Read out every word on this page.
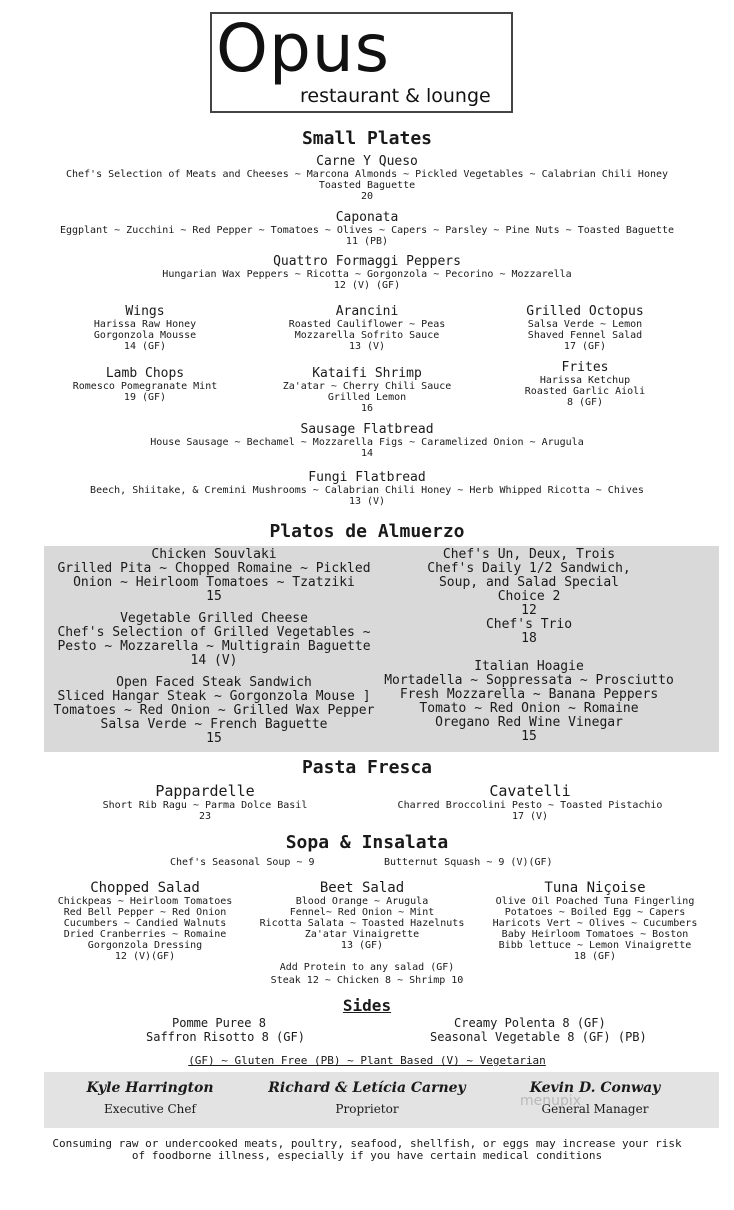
Opus
restaurant & lounge
Small Plates
Carne Y Queso
Chef's Selection of Meats and Cheeses ~ Marcona Almonds ~ Pickled Vegetables ~ Calabrian Chili Honey
Toasted Baguette
20
Caponata
Eggplant ~ Zucchini ~ Red Pepper ~ Tomatoes ~ Olives ~ Capers ~ Parsley ~ Pine Nuts ~ Toasted Baguette
11 (PB)
Quattro Formaggi Peppers
Hungarian Wax Peppers ~ Ricotta ~ Gorgonzola ~ Pecorino ~ Mozzarella
12 (V) (GF)
Wings
Harissa Raw Honey
Gorgonzola Mousse
14 (GF)
Arancini
Roasted Cauliflower ~ Peas
Mozzarella Sofrito Sauce
13 (V)
Grilled Octopus
Salsa Verde ~ Lemon
Shaved Fennel Salad
17 (GF)
Lamb Chops
Romesco Pomegranate Mint
19 (GF)
Kataifi Shrimp
Za'atar ~ Cherry Chili Sauce
Grilled Lemon
16
Frites
Harissa Ketchup
Roasted Garlic Aioli
8 (GF)
Sausage Flatbread
House Sausage ~ Bechamel ~ Mozzarella Figs ~ Caramelized Onion ~ Arugula
14
Fungi Flatbread
Beech, Shiitake, & Cremini Mushrooms ~ Calabrian Chili Honey ~ Herb Whipped Ricotta ~ Chives
13 (V)
Platos de Almuerzo
Chicken Souvlaki
Grilled Pita ~ Chopped Romaine ~ Pickled
Onion ~ Heirloom Tomatoes ~ Tzatziki
15
Vegetable Grilled Cheese
Chef's Selection of Grilled Vegetables ~
Pesto ~ Mozzarella ~ Multigrain Baguette
14 (V)
Open Faced Steak Sandwich
Sliced Hangar Steak ~ Gorgonzola Mouse ]
Tomatoes ~ Red Onion ~ Grilled Wax Pepper
Salsa Verde ~ French Baguette
15
Chef's Un, Deux, Trois
Chef's Daily 1/2 Sandwich,
Soup, and Salad Special
Choice 2
12
Chef's Trio
18
Italian Hoagie
Mortadella ~ Soppressata ~ Prosciutto
Fresh Mozzarella ~ Banana Peppers
Tomato ~ Red Onion ~ Romaine
Oregano Red Wine Vinegar
15
Pasta Fresca
Pappardelle
Short Rib Ragu ~ Parma Dolce Basil
23
Cavatelli
Charred Broccolini Pesto ~ Toasted Pistachio
17 (V)
Sopa & Insalata
Chef's Seasonal Soup ~ 9	Butternut Squash ~ 9 (V)(GF)
Chopped Salad
Chickpeas ~ Heirloom Tomatoes
Red Bell Pepper ~ Red Onion
Cucumbers ~ Candied Walnuts
Dried Cranberries ~ Romaine
Gorgonzola Dressing
12 (V)(GF)
Beet Salad
Blood Orange ~ Arugula
Fennel~ Red Onion ~ Mint
Ricotta Salata ~ Toasted Hazelnuts
Za'atar Vinaigrette
13 (GF)
Tuna Niçoise
Olive Oil Poached Tuna Fingerling
Potatoes ~ Boiled Egg ~ Capers
Haricots Vert ~ Olives ~ Cucumbers
Baby Heirloom Tomatoes ~ Boston
Bibb lettuce ~ Lemon Vinaigrette
18 (GF)
Add Protein to any salad (GF)
Steak 12 ~ Chicken 8 ~ Shrimp 10
Sides
Pomme Puree 8
Saffron Risotto 8 (GF)
Creamy Polenta 8 (GF)
Seasonal Vegetable 8 (GF) (PB)
(GF) ~ Gluten Free (PB) ~ Plant Based (V) ~ Vegetarian
Kyle Harrington
Executive Chef
Richard & Letícia Carney
Proprietor
Kevin D. Conway
General Manager
menupix
Consuming raw or undercooked meats, poultry, seafood, shellfish, or eggs may increase your risk
of foodborne illness, especially if you have certain medical conditions
